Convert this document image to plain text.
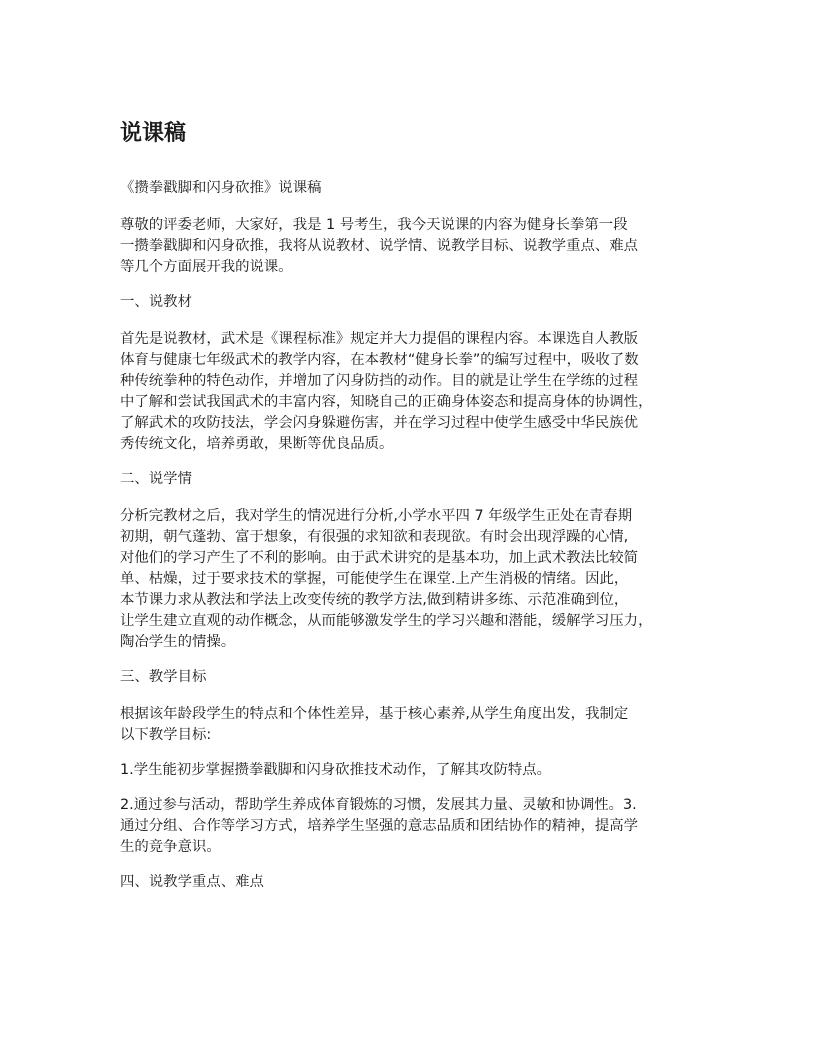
说课稿
《攒拳戳脚和闪身砍推》说课稿
尊敬的评委老师，大家好，我是 1 号考生，我今天说课的内容为健身长拳第一段
一攒拳戳脚和闪身砍推，我将从说教材、说学情、说教学目标、说教学重点、难点
等几个方面展开我的说课。
一、说教材
首先是说教材，武术是《课程标准》规定并大力提倡的课程内容。本课选自人教版
体育与健康七年级武术的教学内容，在本教材“健身长拳”的编写过程中，吸收了数
种传统拳种的特色动作，并增加了闪身防挡的动作。目的就是让学生在学练的过程
中了解和尝试我国武术的丰富内容，知晓自己的正确身体姿态和提高身体的协调性，
了解武术的攻防技法，学会闪身躲避伤害，并在学习过程中使学生感受中华民族优
秀传统文化，培养勇敢，果断等优良品质。
二、说学情
分析完教材之后，我对学生的情况进行分析,小学水平四 7 年级学生正处在青春期
初期，朝气蓬勃、富于想象，有很强的求知欲和表现欲。有时会出现浮躁的心情,
对他们的学习产生了不利的影响。由于武术讲究的是基本功，加上武术教法比较简
单、枯燥，过于要求技术的掌握，可能使学生在课堂.上产生消极的情绪。因此，
本节课力求从教法和学法上改变传统的教学方法,做到精讲多练、示范准确到位，
让学生建立直观的动作概念，从而能够激发学生的学习兴趣和潜能，缓解学习压力，
陶冶学生的情操。
三、教学目标
根据该年龄段学生的特点和个体性差异，基于核心素养,从学生角度出发，我制定
以下教学目标:
1.学生能初步掌握攒拳戳脚和闪身砍推技术动作，了解其攻防特点。
2.通过参与活动，帮助学生养成体育锻炼的习惯，发展其力量、灵敏和协调性。3.
通过分组、合作等学习方式，培养学生坚强的意志品质和团结协作的精神，提高学
生的竞争意识。
四、说教学重点、难点
